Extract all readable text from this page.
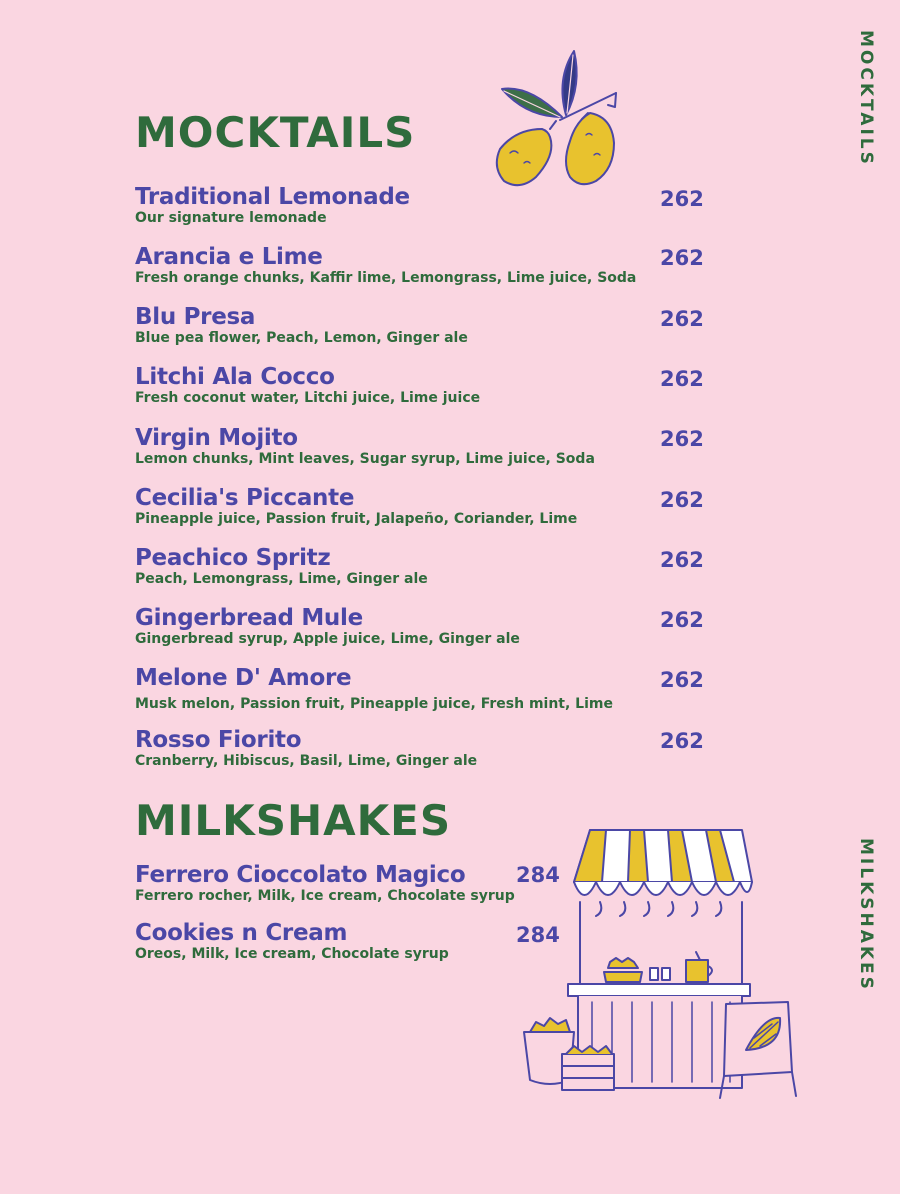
MOCKTAILS
MILKSHAKES
MOCKTAILS
Traditional Lemonade
Our signature lemonade
262
Arancia e Lime
Fresh orange chunks, Kaffir lime, Lemongrass, Lime juice, Soda
262
Blu Presa
Blue pea flower, Peach, Lemon, Ginger ale
262
Litchi Ala Cocco
Fresh coconut water, Litchi juice, Lime juice
262
Virgin Mojito
Lemon chunks, Mint leaves, Sugar syrup, Lime juice, Soda
262
Cecilia's Piccante
Pineapple juice, Passion fruit, Jalapeño, Coriander, Lime
262
Peachico Spritz
Peach, Lemongrass, Lime, Ginger ale
262
Gingerbread Mule
Gingerbread syrup, Apple juice, Lime, Ginger ale
262
Melone D' Amore
Musk melon, Passion fruit, Pineapple juice, Fresh mint, Lime
262
Rosso Fiorito
Cranberry, Hibiscus, Basil, Lime, Ginger ale
262
MILKSHAKES
Ferrero Cioccolato Magico
Ferrero rocher, Milk, Ice cream, Chocolate syrup
284
Cookies n Cream
Oreos, Milk, Ice cream, Chocolate syrup
284
